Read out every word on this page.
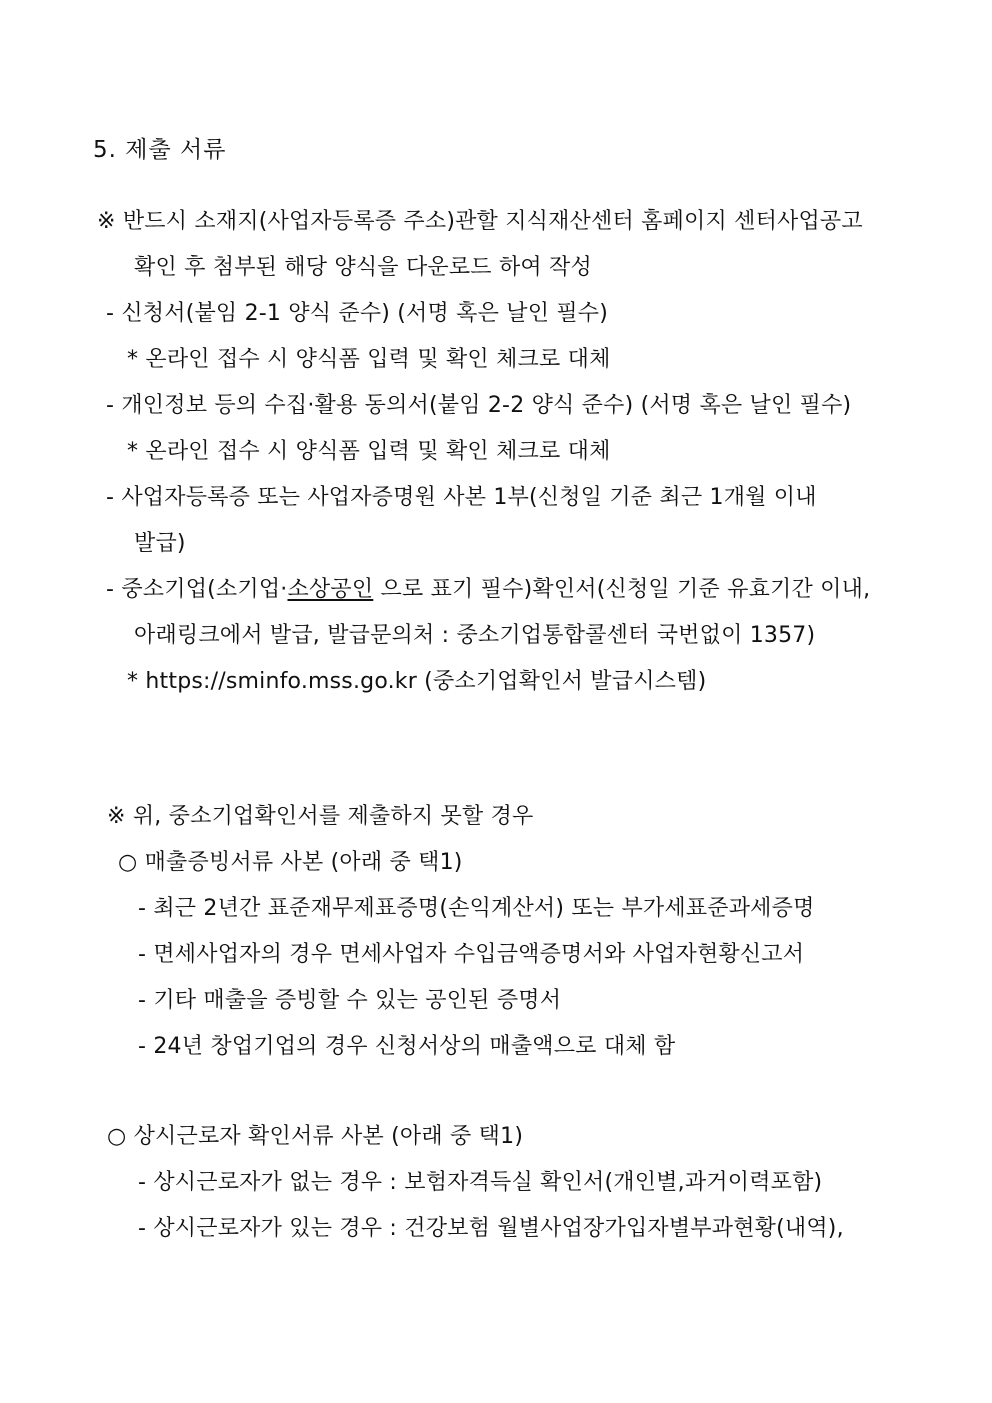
5. 제출 서류
※ 반드시 소재지(사업자등록증 주소)관할 지식재산센터 홈페이지 센터사업공고
확인 후 첨부된 해당 양식을 다운로드 하여 작성
- 신청서(붙임 2-1 양식 준수) (서명 혹은 날인 필수)
* 온라인 접수 시 양식폼 입력 및 확인 체크로 대체
- 개인정보 등의 수집·활용 동의서(붙임 2-2 양식 준수) (서명 혹은 날인 필수)
* 온라인 접수 시 양식폼 입력 및 확인 체크로 대체
- 사업자등록증 또는 사업자증명원 사본 1부(신청일 기준 최근 1개월 이내
발급)
- 중소기업(소기업·소상공인 으로 표기 필수)확인서(신청일 기준 유효기간 이내,
아래링크에서 발급, 발급문의처 : 중소기업통합콜센터 국번없이 1357)
* https://sminfo.mss.go.kr (중소기업확인서 발급시스템)
※ 위, 중소기업확인서를 제출하지 못할 경우
○ 매출증빙서류 사본 (아래 중 택1)
- 최근 2년간 표준재무제표증명(손익계산서) 또는 부가세표준과세증명
- 면세사업자의 경우 면세사업자 수입금액증명서와 사업자현황신고서
- 기타 매출을 증빙할 수 있는 공인된 증명서
- 24년 창업기업의 경우 신청서상의 매출액으로 대체 함
○ 상시근로자 확인서류 사본 (아래 중 택1)
- 상시근로자가 없는 경우 : 보험자격득실 확인서(개인별,과거이력포함)
- 상시근로자가 있는 경우 : 건강보험 월별사업장가입자별부과현황(내역),
